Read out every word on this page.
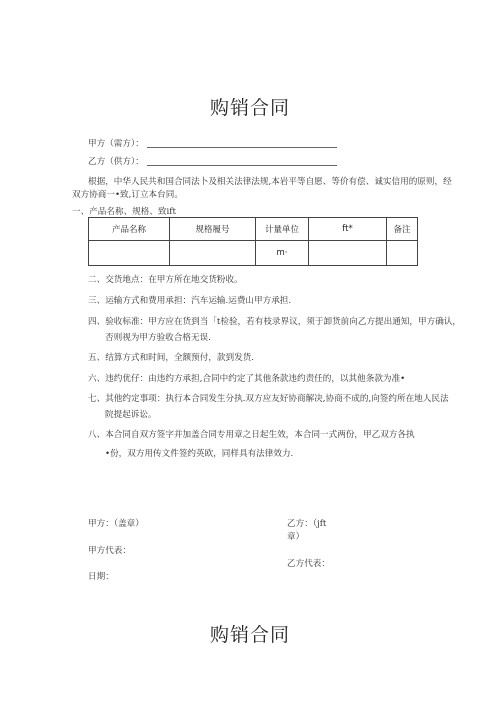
购销合同
甲方（需方）：
乙方（供方）：
根据，中华人民共和国合同法卜及相关法律法规,本岩平等自愿、等价有偿、诚实信用的原则，经
双方协商一•致,订立本台同。
一、产品名称、规格、致ift
产品名称	规格履号	计量单位	ft*	备注
		m·		
二、交货地点：在甲方所在地交货粉收。
三、运输方式和费用承担：汽车运输.运费山甲方承担.
四、验收标准：甲方应在货到当「t检验，若有枝录界议，须于卸货前向乙方提出通知，甲方确认，
否则视为甲方验收合格无误.
五、结算方式和时间，全额预付，款到发货.
六、违约优仔：由违约方承担,合同中约定了其他条款违约责任的，以其他条款为准•
七、其他约定事项：执行本合同发生分执.双方应友好协商解决,协商不成的,向签约所在地人民法
院提起诉讼。
八、本合同自双方签字并加盖合同专用章之日起生效，本合同一式两份，甲乙双方各执
•份，双方用传文件签约英欧，同样具有法律效力.
甲方：（盖章）	乙方：（jft
章）
甲方代表：
乙方代表：
日期：
购销合同
